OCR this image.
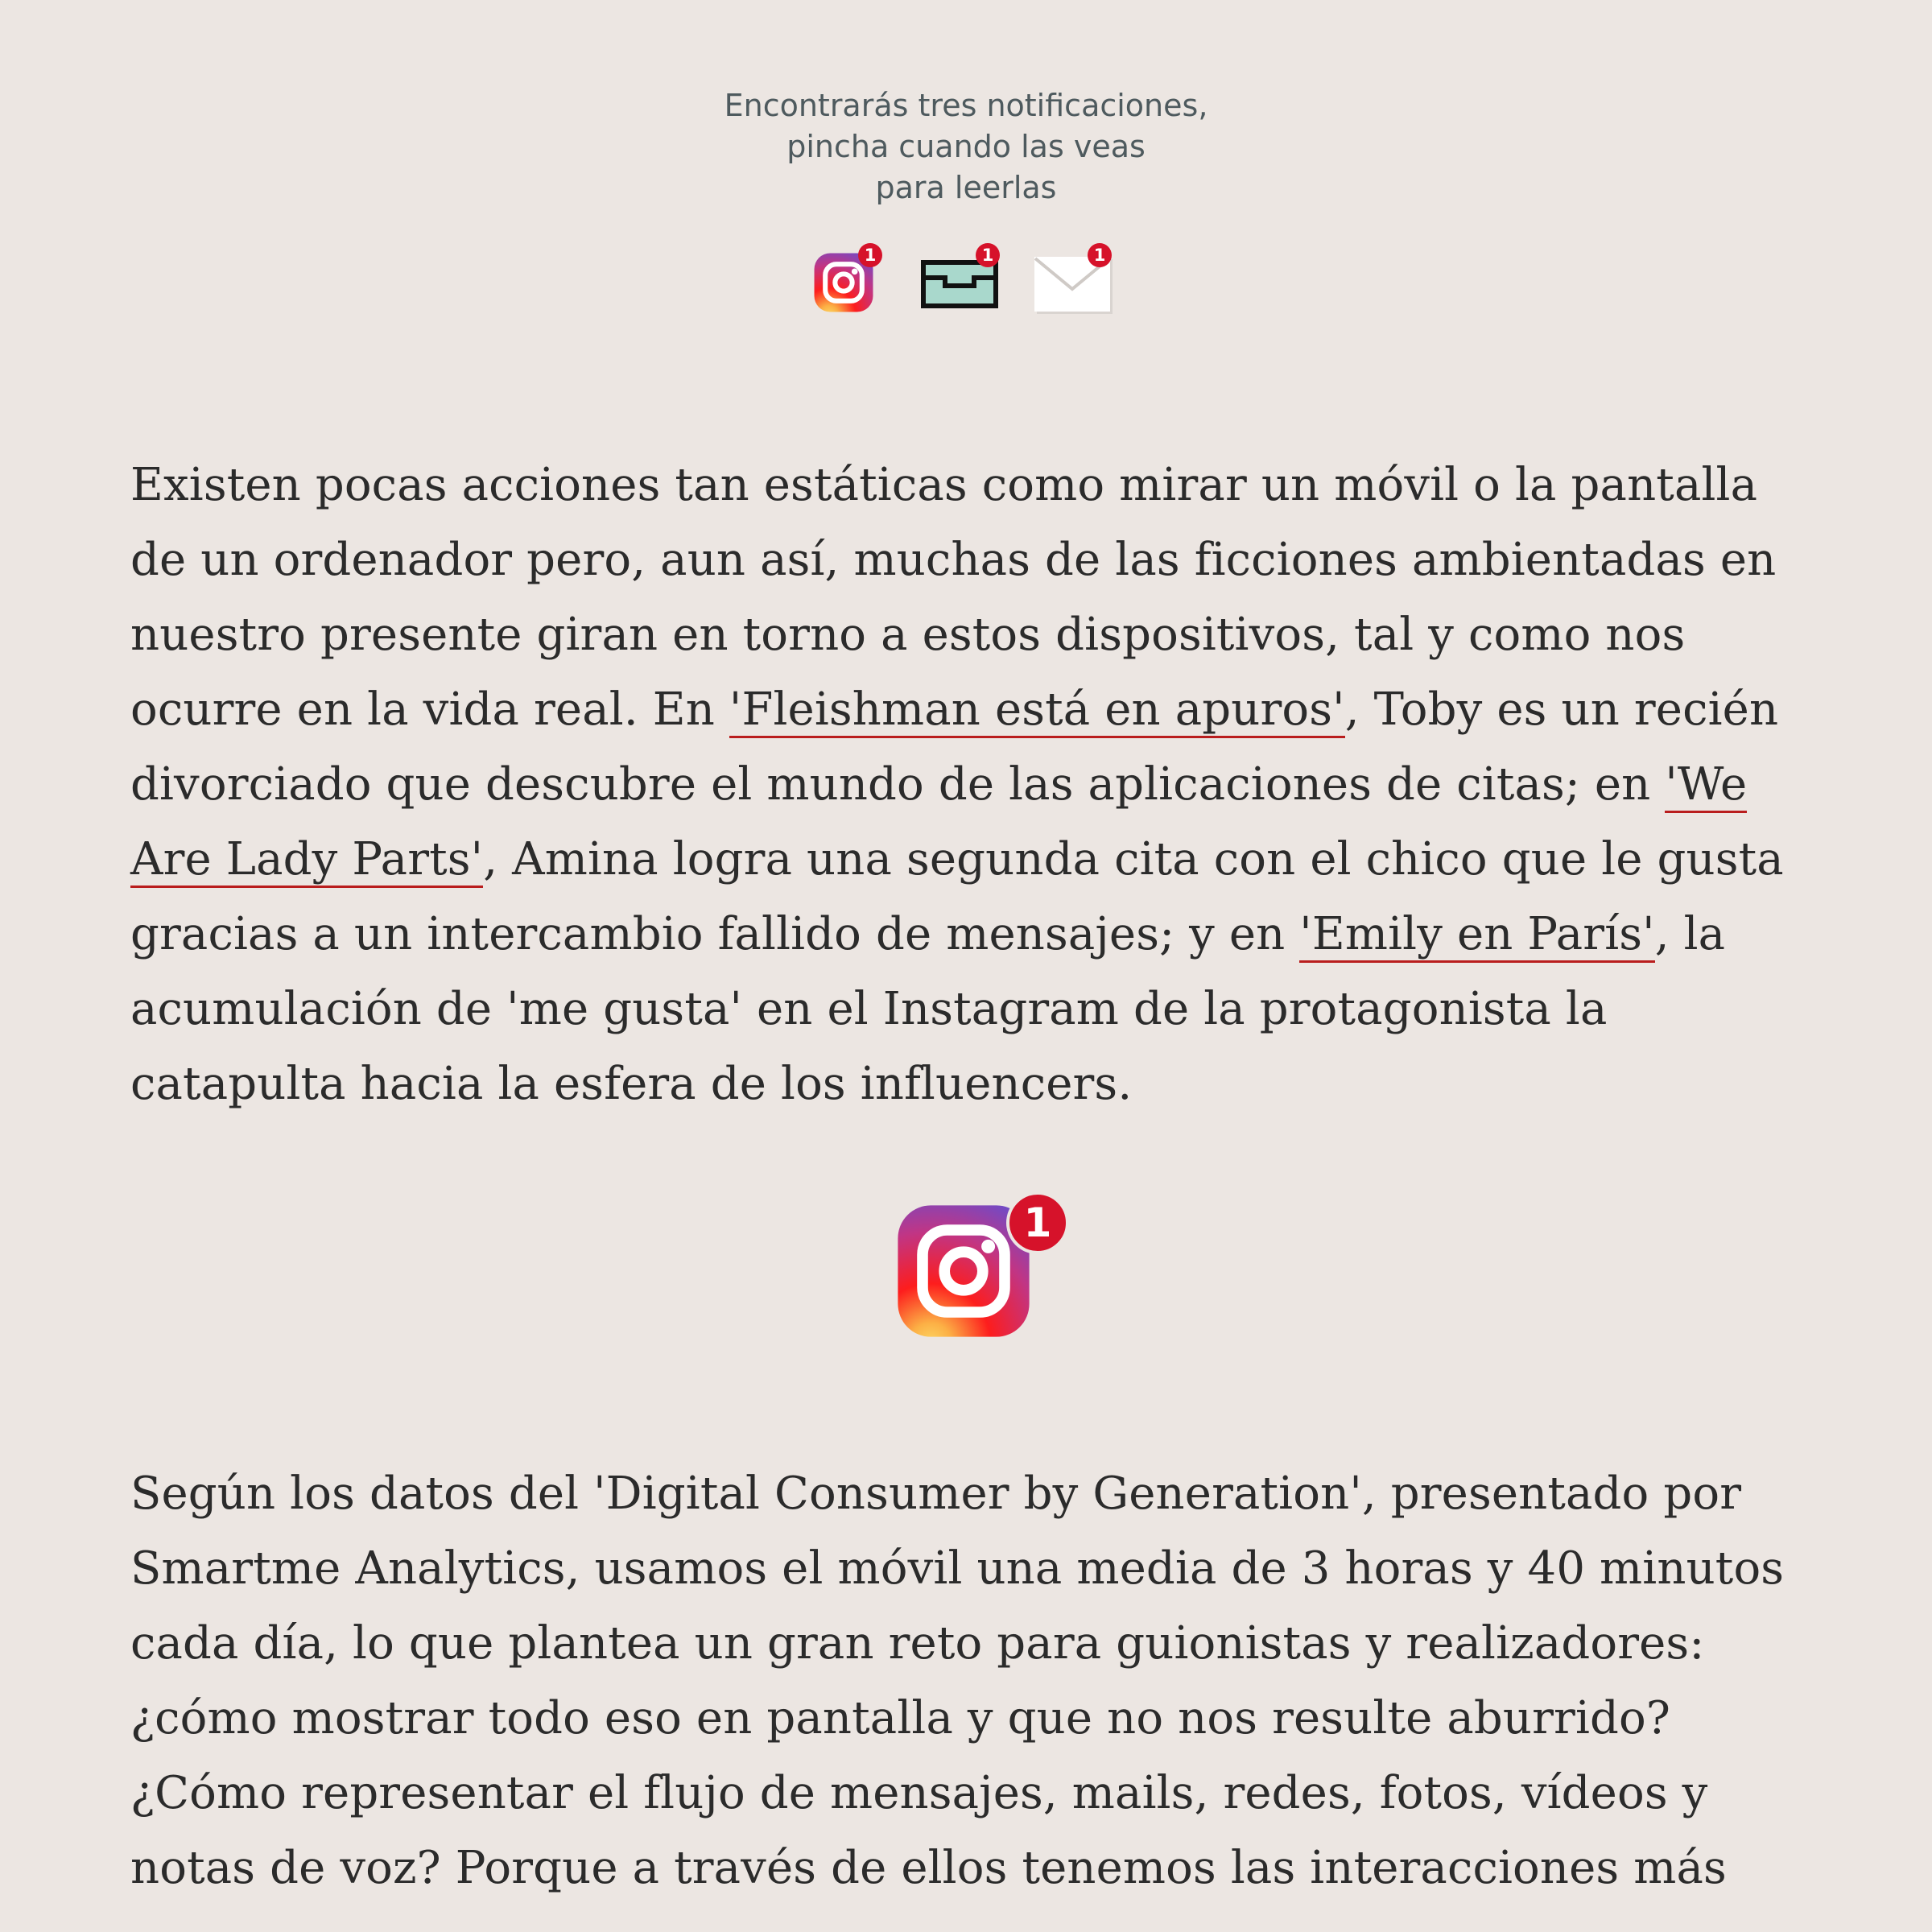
Encontrarás tres notificaciones,
pincha cuando las veas
para leerlas
1	1	1

Existen pocas acciones tan estáticas como mirar un móvil o la pantalla de un ordenador pero, aun así, muchas de las ficciones ambientadas en nuestro presente giran en torno a estos dispositivos, tal y como nos ocurre en la vida real. En 'Fleishman está en apuros', Toby es un recién divorciado que descubre el mundo de las aplicaciones de citas; en 'We Are Lady Parts', Amina logra una segunda cita con el chico que le gusta gracias a un intercambio fallido de mensajes; y en 'Emily en París', la acumulación de 'me gusta' en el Instagram de la protagonista la catapulta hacia la esfera de los influencers.

Según los datos del 'Digital Consumer by Generation', presentado por Smartme Analytics, usamos el móvil una media de 3 horas y 40 minutos cada día, lo que plantea un gran reto para guionistas y realizadores: ¿cómo mostrar todo eso en pantalla y que no nos resulte aburrido? ¿Cómo representar el flujo de mensajes, mails, redes, fotos, vídeos y notas de voz? Porque a través de ellos tenemos las interacciones más

1
